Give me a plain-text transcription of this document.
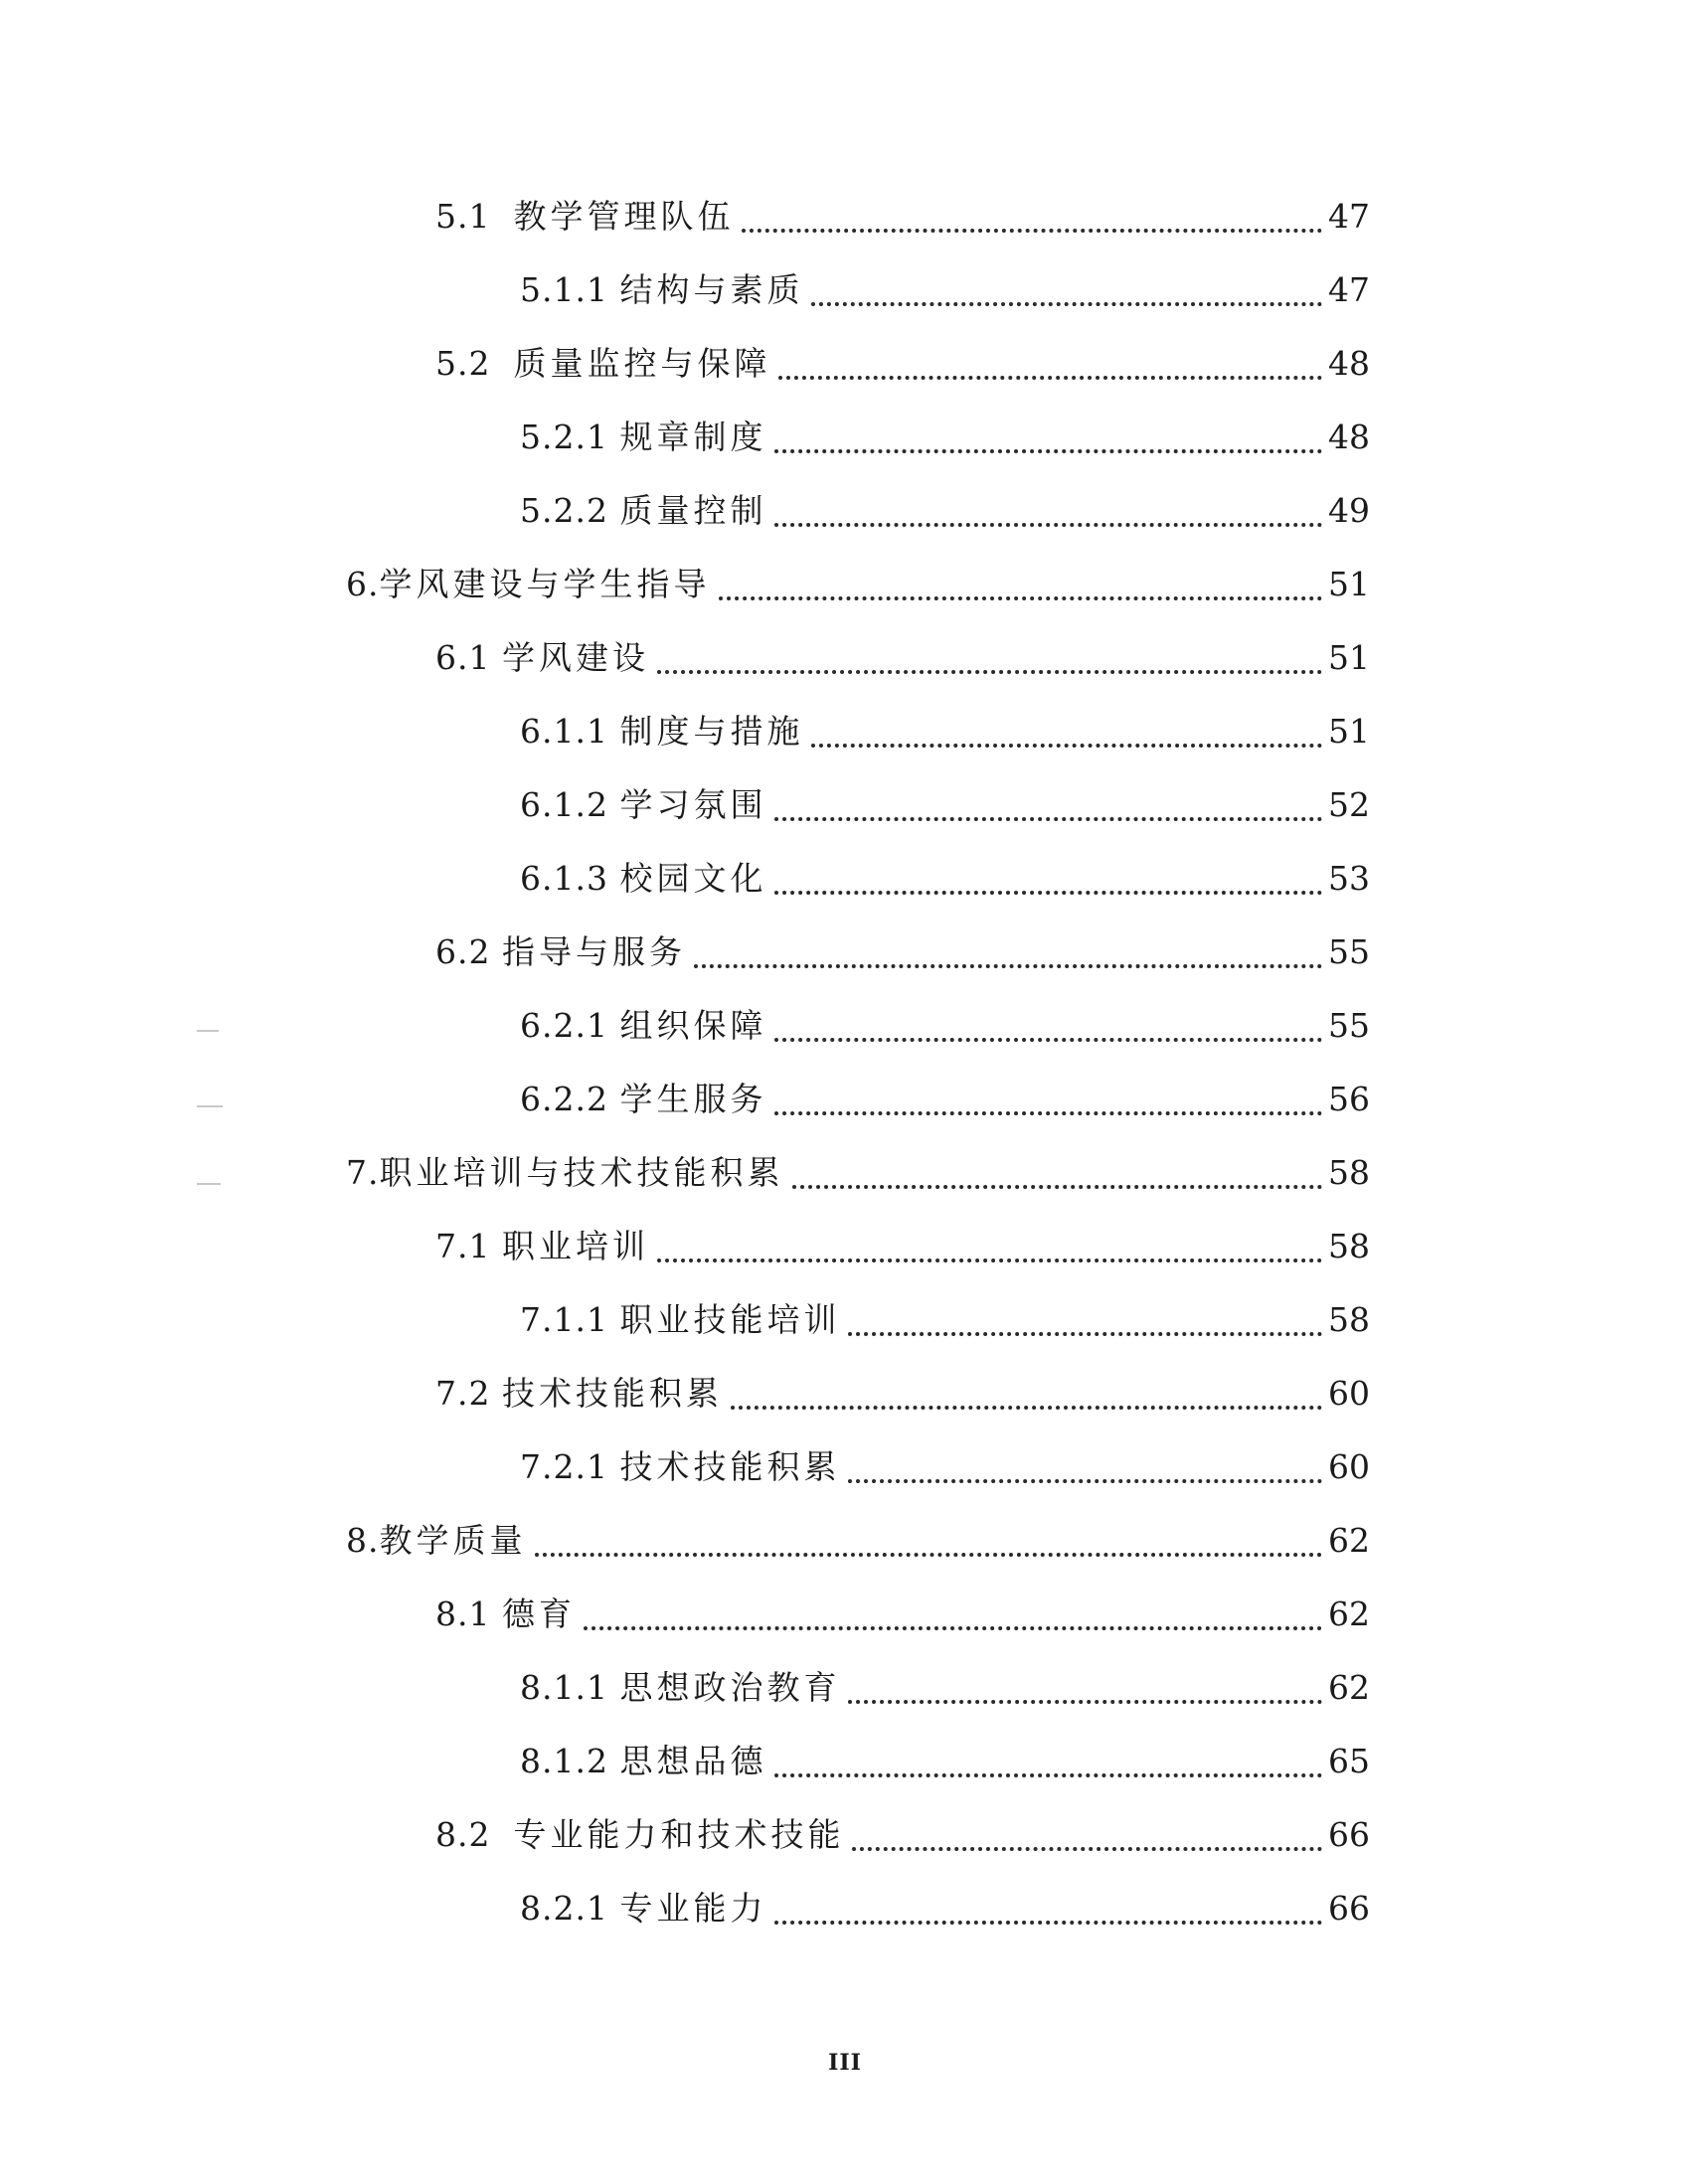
5.1 教学管理队伍	47
5.1.1 结构与素质	47
5.2 质量监控与保障	48
5.2.1 规章制度	48
5.2.2 质量控制	49
6. 学风建设与学生指导	51
6.1 学风建设	51
6.1.1 制度与措施	51
6.1.2 学习氛围	52
6.1.3 校园文化	53
6.2 指导与服务	55
6.2.1 组织保障	55
6.2.2 学生服务	56
7. 职业培训与技术技能积累	58
7.1 职业培训	58
7.1.1 职业技能培训	58
7.2 技术技能积累	60
7.2.1 技术技能积累	60
8. 教学质量	62
8.1 德育	62
8.1.1 思想政治教育	62
8.1.2 思想品德	65
8.2 专业能力和技术技能	66
8.2.1 专业能力	66
III
